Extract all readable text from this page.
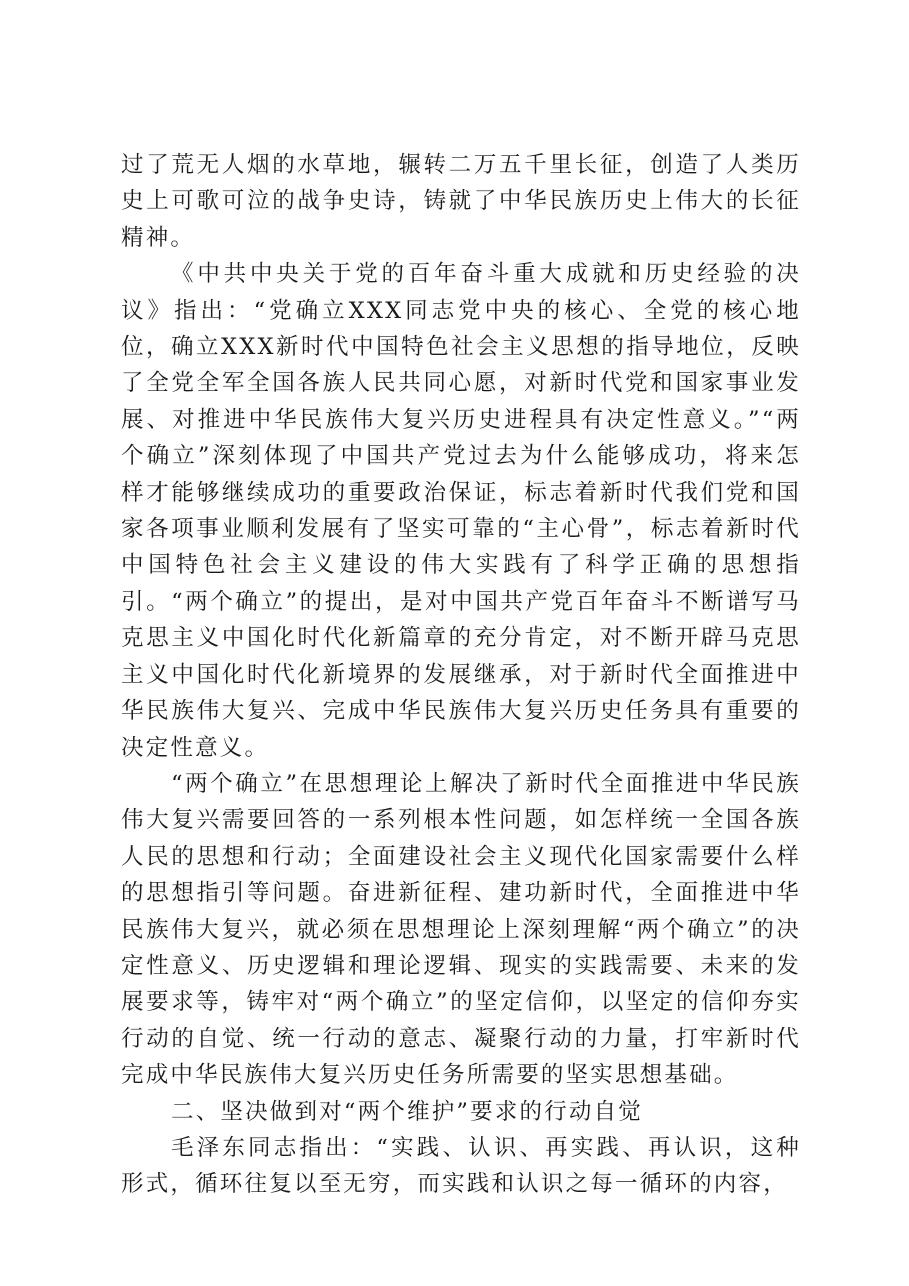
过了荒无人烟的水草地，辗转二万五千里长征，创造了人类历史上可歌可泣的战争史诗，铸就了中华民族历史上伟大的长征精神。

《中共中央关于党的百年奋斗重大成就和历史经验的决议》指出：“党确立XXX同志党中央的核心、全党的核心地位，确立XXX新时代中国特色社会主义思想的指导地位，反映了全党全军全国各族人民共同心愿，对新时代党和国家事业发展、对推进中华民族伟大复兴历史进程具有决定性意义。”“两个确立”深刻体现了中国共产党过去为什么能够成功，将来怎样才能够继续成功的重要政治保证，标志着新时代我们党和国家各项事业顺利发展有了坚实可靠的“主心骨”，标志着新时代中国特色社会主义建设的伟大实践有了科学正确的思想指引。“两个确立”的提出，是对中国共产党百年奋斗不断谱写马克思主义中国化时代化新篇章的充分肯定，对不断开辟马克思主义中国化时代化新境界的发展继承，对于新时代全面推进中华民族伟大复兴、完成中华民族伟大复兴历史任务具有重要的决定性意义。

“两个确立”在思想理论上解决了新时代全面推进中华民族伟大复兴需要回答的一系列根本性问题，如怎样统一全国各族人民的思想和行动；全面建设社会主义现代化国家需要什么样的思想指引等问题。奋进新征程、建功新时代，全面推进中华民族伟大复兴，就必须在思想理论上深刻理解“两个确立”的决定性意义、历史逻辑和理论逻辑、现实的实践需要、未来的发展要求等，铸牢对“两个确立”的坚定信仰，以坚定的信仰夯实行动的自觉、统一行动的意志、凝聚行动的力量，打牢新时代完成中华民族伟大复兴历史任务所需要的坚实思想基础。

二、坚决做到对“两个维护”要求的行动自觉

毛泽东同志指出：“实践、认识、再实践、再认识，这种形式，循环往复以至无穷，而实践和认识之每一循环的内容，
